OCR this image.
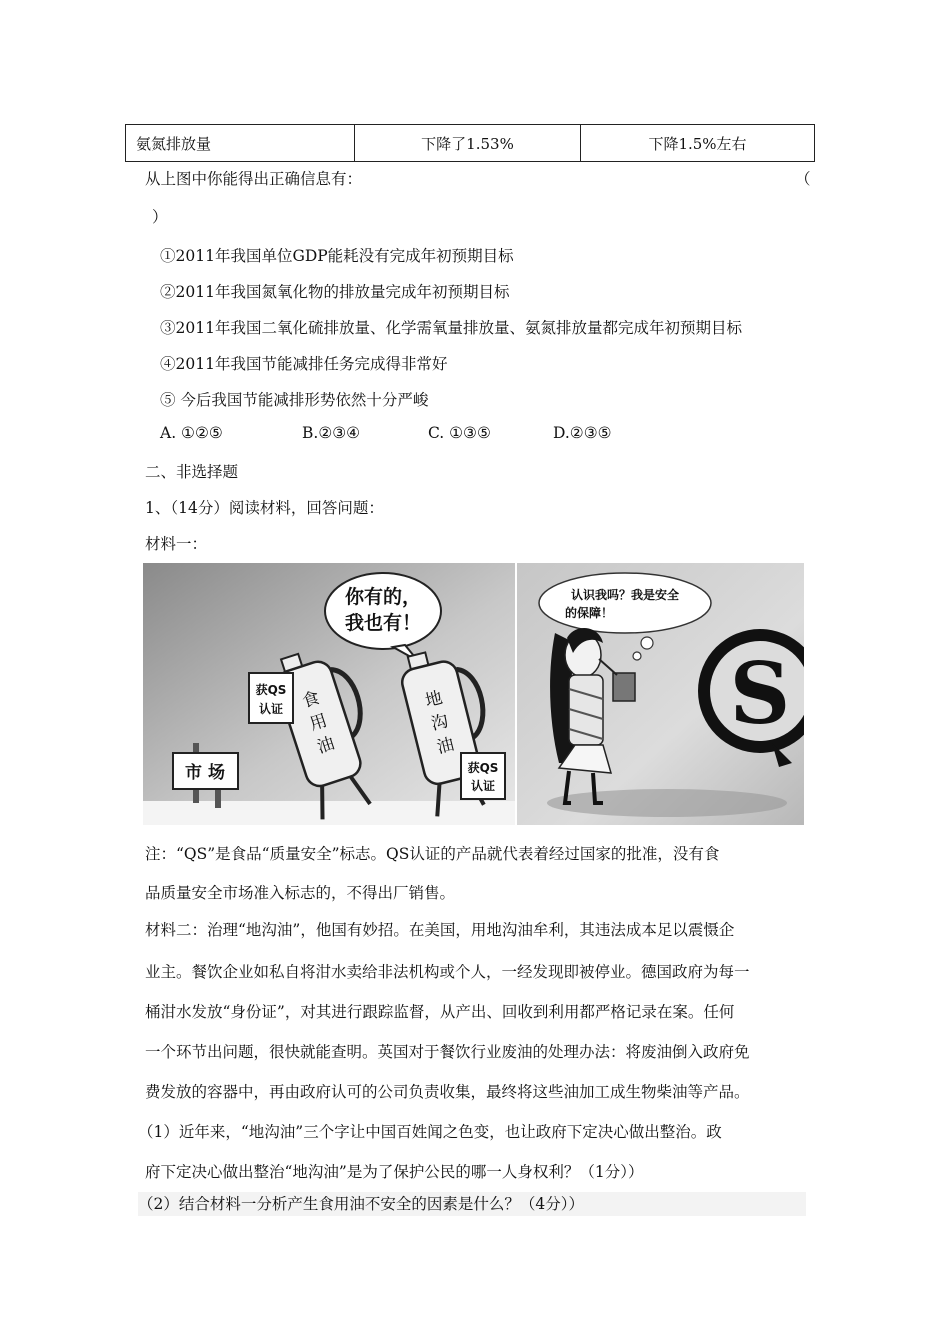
氨氮排放量	下降了1.53%	下降1.5%左右
从上图中你能得出正确信息有：	（
）
①2011年我国单位GDP能耗没有完成年初预期目标
②2011年我国氮氧化物的排放量完成年初预期目标
③2011年我国二氧化硫排放量、化学需氧量排放量、氨氮排放量都完成年初预期目标
④2011年我国节能减排任务完成得非常好
⑤ 今后我国节能减排形势依然十分严峻
A. ①②⑤	B.②③④	C. ①③⑤	D.②③⑤
二、非选择题
1、（14分）阅读材料，回答问题：
材料一：
你有的，
我也有！
食
用
油
获QS
认证	地
沟
油
获QS
认证
市 场
认识我吗？我是安全
的保障！
S
注：“QS”是食品“质量安全”标志。QS认证的产品就代表着经过国家的批准，没有食
品质量安全市场准入标志的，不得出厂销售。
材料二：治理“地沟油”，他国有妙招。在美国，用地沟油牟利，其违法成本足以震慑企
业主。餐饮企业如私自将泔水卖给非法机构或个人，一经发现即被停业。德国政府为每一
桶泔水发放“身份证”，对其进行跟踪监督，从产出、回收到利用都严格记录在案。任何
一个环节出问题，很快就能查明。英国对于餐饮行业废油的处理办法：将废油倒入政府免
费发放的容器中，再由政府认可的公司负责收集，最终将这些油加工成生物柴油等产品。
（1）近年来，“地沟油”三个字让中国百姓闻之色变，也让政府下定决心做出整治。政
府下定决心做出整治“地沟油”是为了保护公民的哪一人身权利？（1分））
（2）结合材料一分析产生食用油不安全的因素是什么？（4分））
